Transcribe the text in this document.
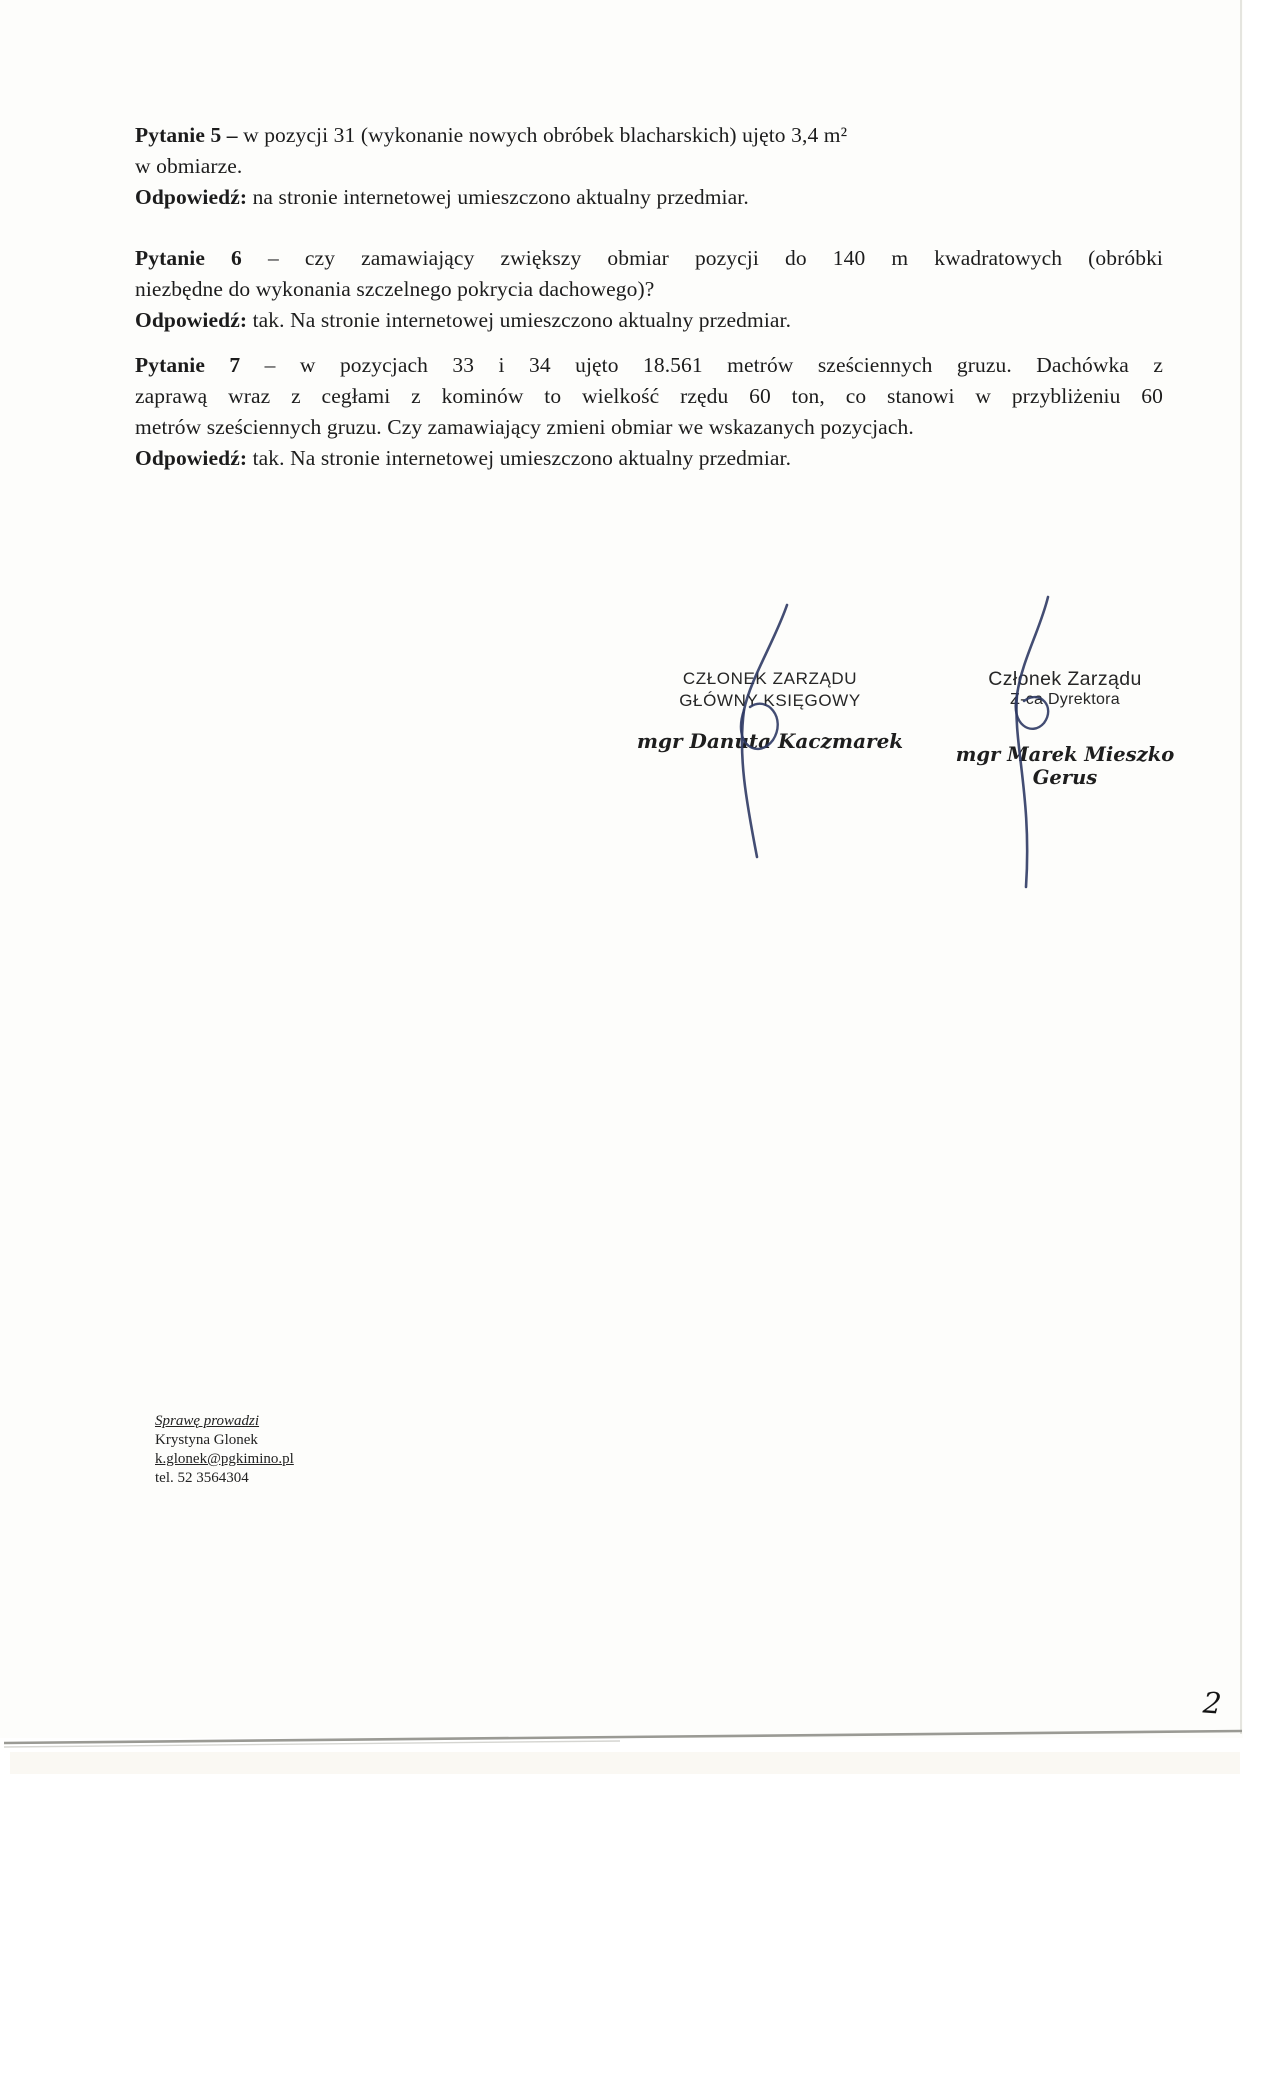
Pytanie 5 – w pozycji 31 (wykonanie nowych obróbek blacharskich) ujęto 3,4 m²
w obmiarze.
Odpowiedź: na stronie internetowej umieszczono aktualny przedmiar.
Pytanie 6 – czy zamawiający zwiększy obmiar pozycji do 140 m kwadratowych (obróbki
niezbędne do wykonania szczelnego pokrycia dachowego)?
Odpowiedź: tak. Na stronie internetowej umieszczono aktualny przedmiar.
Pytanie 7 – w pozycjach 33 i 34 ujęto 18.561 metrów sześciennych gruzu. Dachówka z
zaprawą wraz z cegłami z kominów to wielkość rzędu 60 ton, co stanowi w przybliżeniu 60
metrów sześciennych gruzu. Czy zamawiający zmieni obmiar we wskazanych pozycjach.
Odpowiedź: tak. Na stronie internetowej umieszczono aktualny przedmiar.
CZŁONEK ZARZĄDU
GŁÓWNY KSIĘGOWY
mgr Danuta Kaczmarek
Członek Zarządu
Z-ca Dyrektora
mgr Marek Mieszko Gerus
Sprawę prowadzi
Krystyna Glonek
k.glonek@pgkimino.pl
tel. 52 3564304
2
